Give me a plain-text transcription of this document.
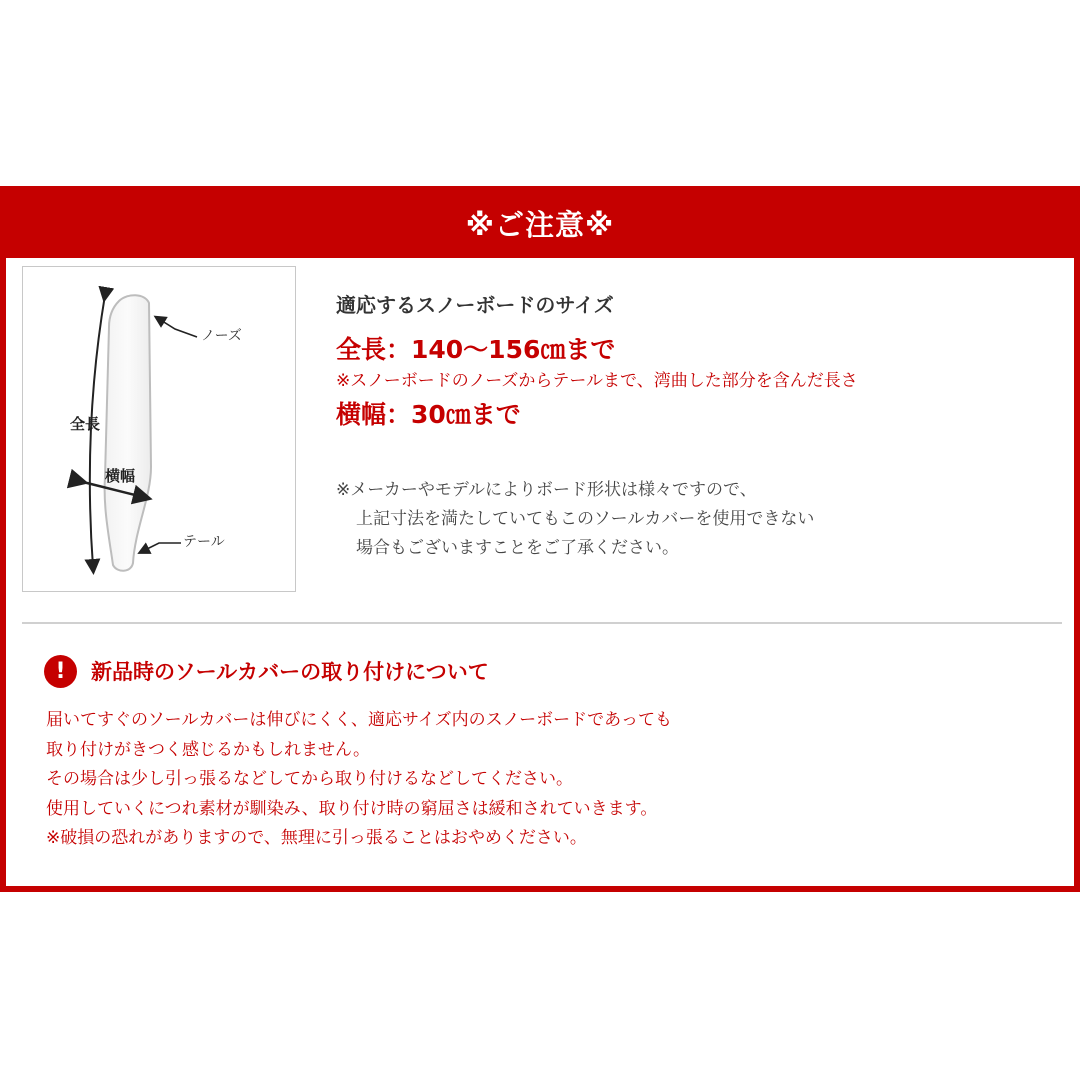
※ご注意※
ノーズ
全長
横幅
テール
適応するスノーボードのサイズ
全長：140〜156㎝まで
※スノーボードのノーズからテールまで、湾曲した部分を含んだ長さ
横幅：30㎝まで
※メーカーやモデルによりボード形状は様々ですので、
上記寸法を満たしていてもこのソールカバーを使用できない
場合もございますことをご了承ください。
!	新品時のソールカバーの取り付けについて
届いてすぐのソールカバーは伸びにくく、適応サイズ内のスノーボードであっても
取り付けがきつく感じるかもしれません。
その場合は少し引っ張るなどしてから取り付けるなどしてください。
使用していくにつれ素材が馴染み、取り付け時の窮屈さは緩和されていきます。
※破損の恐れがありますので、無理に引っ張ることはおやめください。
